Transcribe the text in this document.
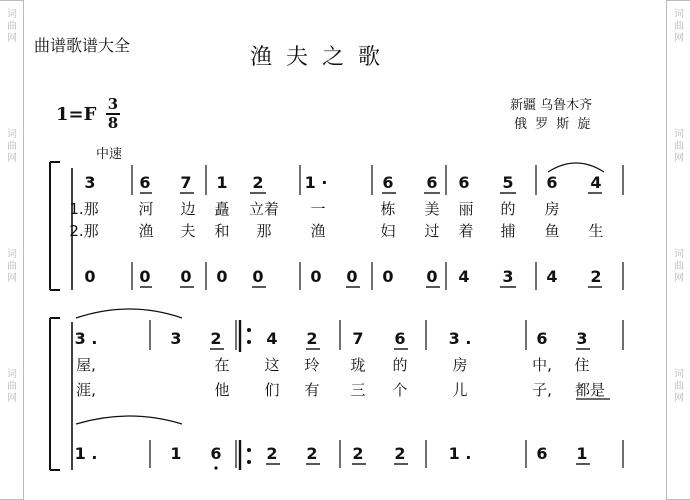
词
曲
网
词
曲
网
词
曲
网
词
曲
网
词
曲
网
词
曲
网
词
曲
网
词
曲
网
曲谱歌谱大全	渔夫之歌
1=F 3
8
新疆 乌鲁木齐
俄 罗 斯 旋
中速
3	6 7 1 2	1 ·	6 6 6 5 6 4
1.那	河 边 矗 立着 一	栋 美 丽 的 房
2.那	渔 夫 和 那	渔	妇 过 着 捕 鱼 生
0	0 0 0 0	0 0 0 0 4 3 4 2
3 .	3 2	4 2 7 6	3 .	6 3
屋,	在 这 玲 珑 的	房	中, 住
涯,	他 们 有 三 个	儿	子, 都是
1 .	1 6	2 2 2 2	1 .	6 1
